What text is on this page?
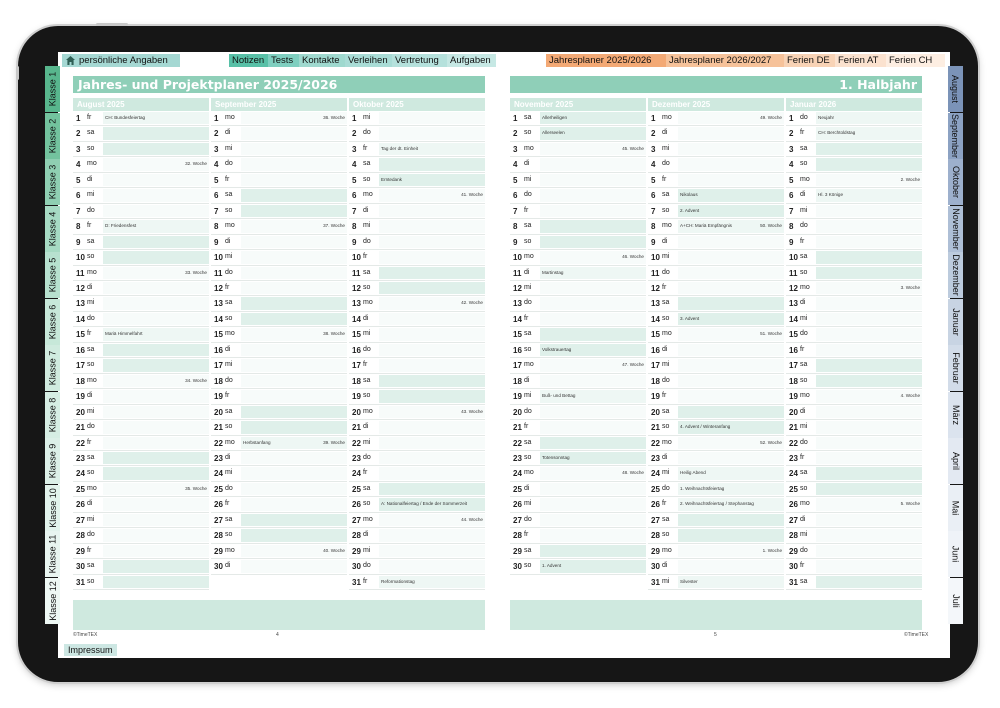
persönliche Angaben	Notizen Tests Kontakte Verleihen Vertretung	Aufgaben	Jahresplaner 2025/2026	Jahresplaner 2026/2027	Ferien DE Ferien AT	Ferien CH
Klasse 1
Klasse 2
Klasse 3
Klasse 4
Klasse 5
Klasse 6
Klasse 7
Klasse 8
Klasse 9
Klasse 10
Klasse 11
Klasse 12
August
September
Oktober
November
Dezember
Januar
Februar
März
April
Mai
Juni
Juli
Jahres- und Projektplaner 2025/2026
August 2025
1 fr	CH: Bundesfeiertag
2 sa
3 so
4 mo	32. Woche
5 di
6 mi
7 do
8 fr	D: Friedensfest
9 sa
10 so
11 mo	33. Woche
12 di
13 mi
14 do
15 fr	Mariä Himmelfahrt
16 sa
17 so
18 mo	34. Woche
19 di
20 mi
21 do
22 fr
23 sa
24 so
25 mo	35. Woche
26 di
27 mi
28 do
29 fr
30 sa
31 so
September 2025
1 mo	36. Woche
2 di
3 mi
4 do
5 fr
6 sa
7 so
8 mo	37. Woche
9 di
10 mi
11 do
12 fr
13 sa
14 so
15 mo	38. Woche
16 di
17 mi
18 do
19 fr
20 sa
21 so
22 mo	Herbstanfang	39. Woche
23 di
24 mi
25 do
26 fr
27 sa
28 so
29 mo	40. Woche
30 di
Oktober 2025
1 mi
2 do
3 fr	Tag der dt. Einheit
4 sa
5 so	Erntedank
6 mo	41. Woche
7 di
8 mi
9 do
10 fr
11 sa
12 so
13 mo	42. Woche
14 di
15 mi
16 do
17 fr
18 sa
19 so
20 mo	43. Woche
21 di
22 mi
23 do
24 fr
25 sa
26 so	A: Nationalfeiertag / Ende der Sommerzeit
27 mo	44. Woche
28 di
29 mi
30 do
31 fr	Reformationstag
1. Halbjahr
November 2025
1 sa	Allerheiligen
2 so	Allerseelen
3 mo	45. Woche
4 di
5 mi
6 do
7 fr
8 sa
9 so
10 mo	46. Woche
11 di	Martinstag
12 mi
13 do
14 fr
15 sa
16 so	Volkstrauertag
17 mo	47. Woche
18 di
19 mi	Buß- und Bettag
20 do
21 fr
22 sa
23 so	Totensonntag
24 mo	48. Woche
25 di
26 mi
27 do
28 fr
29 sa
30 so	1. Advent
Dezember 2025
1 mo	49. Woche
2 di
3 mi
4 do
5 fr
6 sa	Nikolaus
7 so	2. Advent
8 mo	A+CH: Mariä Empfängnis	50. Woche
9 di
10 mi
11 do
12 fr
13 sa
14 so	3. Advent
15 mo	51. Woche
16 di
17 mi
18 do
19 fr
20 sa
21 so	4. Advent / Winteranfang
22 mo	52. Woche
23 di
24 mi	Heilig Abend
25 do	1. Weihnachtsfeiertag
26 fr	2. Weihnachtsfeiertag / Stephanstag
27 sa
28 so
29 mo	1. Woche
30 di
31 mi	Silvester
Januar 2026
1 do	Neujahr
2 fr	CH: Berchtoldstag
3 sa
4 so
5 mo	2. Woche
6 di	Hl. 3 Könige
7 mi
8 do
9 fr
10 sa
11 so
12 mo	3. Woche
13 di
14 mi
15 do
16 fr
17 sa
18 so
19 mo	4. Woche
20 di
21 mi
22 do
23 fr
24 sa
25 so
26 mo	5. Woche
27 di
28 mi
29 do
30 fr
31 sa
©TimeTEX	4	5	©TimeTEX
Impressum
